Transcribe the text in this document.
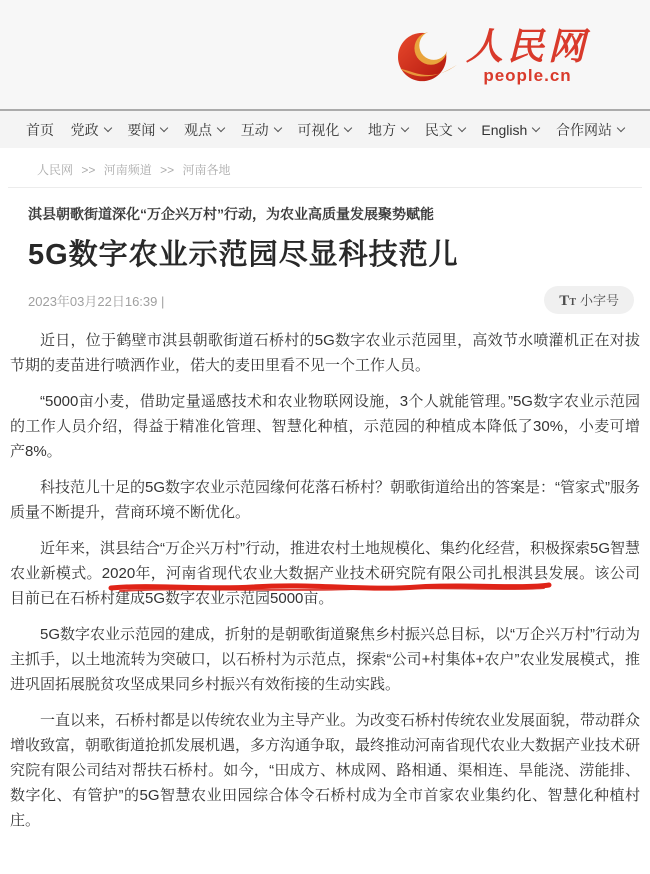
人民网
people.cn
首页 党政 要闻 观点 互动 可视化 地方 民文 English 合作网站
人民网 >> 河南频道 >> 河南各地
淇县朝歌街道深化“万企兴万村”行动，为农业高质量发展聚势赋能
5G数字农业示范园尽显科技范儿
2023年03月22日16:39 |	TT 小字号

近日，位于鹤壁市淇县朝歌街道石桥村的5G数字农业示范园里，高效节水喷灌机正在对拔节期的麦苗进行喷洒作业，偌大的麦田里看不见一个工作人员。

“5000亩小麦，借助定量遥感技术和农业物联网设施，3个人就能管理。”5G数字农业示范园的工作人员介绍，得益于精准化管理、智慧化种植，示范园的种植成本降低了30%，小麦可增产8%。

科技范儿十足的5G数字农业示范园缘何花落石桥村？朝歌街道给出的答案是：“管家式”服务质量不断提升，营商环境不断优化。

近年来，淇县结合“万企兴万村”行动，推进农村土地规模化、集约化经营，积极探索5G智慧农业新模式。2020年，河南省现代农业大数据产业技术研究院有限公司扎根淇县发展。该公司目前已在石桥村建成5G数字农业示范园5000亩。

5G数字农业示范园的建成，折射的是朝歌街道聚焦乡村振兴总目标，以“万企兴万村”行动为主抓手，以土地流转为突破口，以石桥村为示范点，探索“公司+村集体+农户”农业发展模式，推进巩固拓展脱贫攻坚成果同乡村振兴有效衔接的生动实践。

一直以来，石桥村都是以传统农业为主导产业。为改变石桥村传统农业发展面貌，带动群众增收致富，朝歌街道抢抓发展机遇，多方沟通争取，最终推动河南省现代农业大数据产业技术研究院有限公司结对帮扶石桥村。如今，“田成方、林成网、路相通、渠相连、旱能浇、涝能排、数字化、有管护”的5G智慧农业田园综合体令石桥村成为全市首家农业集约化、智慧化种植村庄。
